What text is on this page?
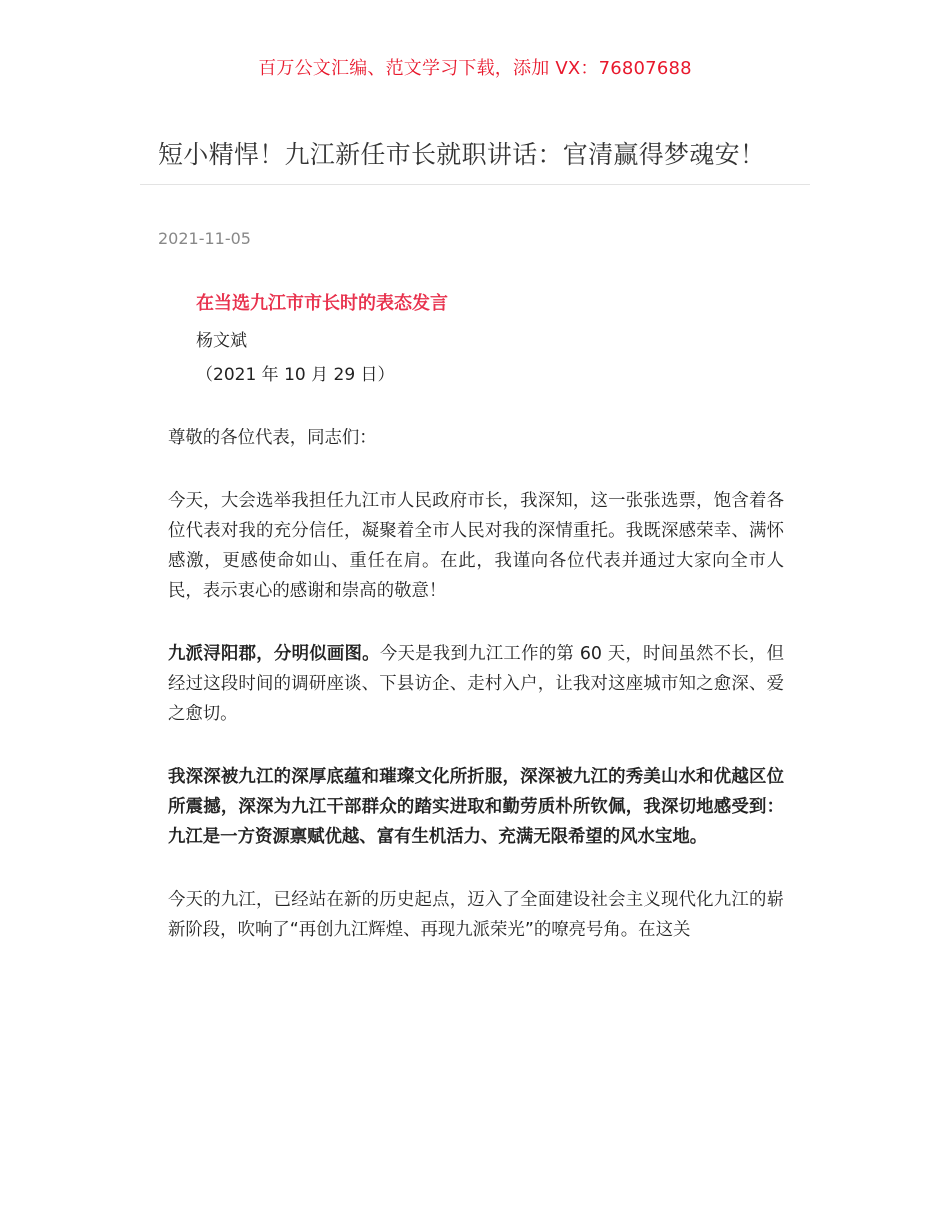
百万公文汇编、范文学习下载，添加 VX：76807688
短小精悍！九江新任市长就职讲话：官清赢得梦魂安！
2021-11-05
在当选九江市市长时的表态发言
杨文斌
（2021 年 10 月 29 日）

尊敬的各位代表，同志们：

今天，大会选举我担任九江市人民政府市长，我深知，这一张张选票，饱含着各位代表对我的充分信任，凝聚着全市人民对我的深情重托。我既深感荣幸、满怀感激，更感使命如山、重任在肩。在此，我谨向各位代表并通过大家向全市人民，表示衷心的感谢和崇高的敬意！

九派浔阳郡，分明似画图。今天是我到九江工作的第 60 天，时间虽然不长，但经过这段时间的调研座谈、下县访企、走村入户，让我对这座城市知之愈深、爱之愈切。

我深深被九江的深厚底蕴和璀璨文化所折服，深深被九江的秀美山水和优越区位所震撼，深深为九江干部群众的踏实进取和勤劳质朴所钦佩，我深切地感受到：九江是一方资源禀赋优越、富有生机活力、充满无限希望的风水宝地。

今天的九江，已经站在新的历史起点，迈入了全面建设社会主义现代化九江的崭新阶段，吹响了“再创九江辉煌、再现九派荣光”的嘹亮号角。在这关
